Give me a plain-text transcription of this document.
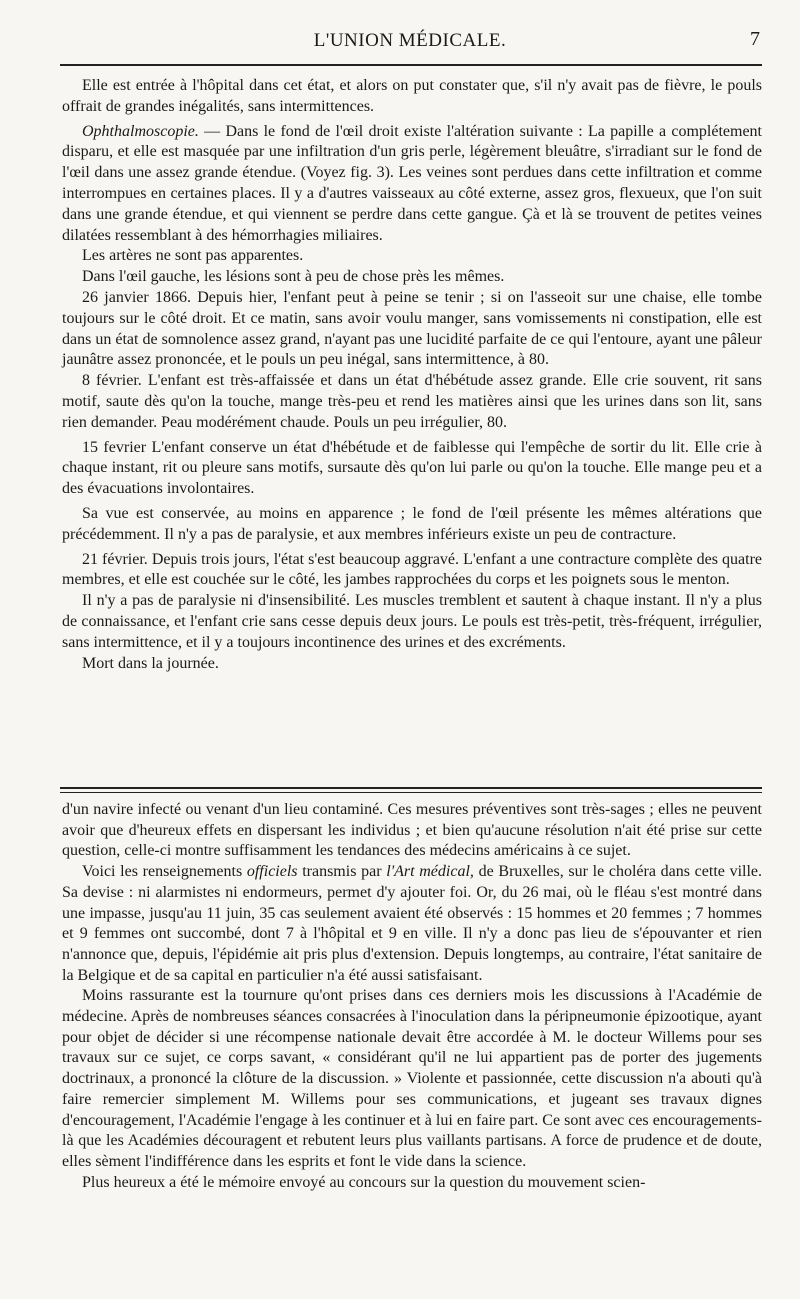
L'UNION MÉDICALE.	7

Elle est entrée à l'hôpital dans cet état, et alors on put constater que, s'il n'y avait pas de fièvre, le pouls offrait de grandes inégalités, sans intermittences.

Ophthalmoscopie. — Dans le fond de l'œil droit existe l'altération suivante : La papille a complétement disparu, et elle est masquée par une infiltration d'un gris perle, légèrement bleuâtre, s'irradiant sur le fond de l'œil dans une assez grande étendue. (Voyez fig. 3). Les veines sont perdues dans cette infiltration et comme interrompues en certaines places. Il y a d'autres vaisseaux au côté externe, assez gros, flexueux, que l'on suit dans une grande étendue, et qui viennent se perdre dans cette gangue. Çà et là se trouvent de petites veines dilatées ressemblant à des hémorrhagies miliaires.

Les artères ne sont pas apparentes.

Dans l'œil gauche, les lésions sont à peu de chose près les mêmes.

26 janvier 1866. Depuis hier, l'enfant peut à peine se tenir ; si on l'asseoit sur une chaise, elle tombe toujours sur le côté droit. Et ce matin, sans avoir voulu manger, sans vomissements ni constipation, elle est dans un état de somnolence assez grand, n'ayant pas une lucidité parfaite de ce qui l'entoure, ayant une pâleur jaunâtre assez prononcée, et le pouls un peu inégal, sans intermittence, à 80.

8 février. L'enfant est très-affaissée et dans un état d'hébétude assez grande. Elle crie souvent, rit sans motif, saute dès qu'on la touche, mange très-peu et rend les matières ainsi que les urines dans son lit, sans rien demander. Peau modérément chaude. Pouls un peu irrégulier, 80.

15 fevrier L'enfant conserve un état d'hébétude et de faiblesse qui l'empêche de sortir du lit. Elle crie à chaque instant, rit ou pleure sans motifs, sursaute dès qu'on lui parle ou qu'on la touche. Elle mange peu et a des évacuations involontaires.

Sa vue est conservée, au moins en apparence ; le fond de l'œil présente les mêmes altérations que précédemment. Il n'y a pas de paralysie, et aux membres inférieurs existe un peu de contracture.

21 février. Depuis trois jours, l'état s'est beaucoup aggravé. L'enfant a une contracture complète des quatre membres, et elle est couchée sur le côté, les jambes rapprochées du corps et les poignets sous le menton.

Il n'y a pas de paralysie ni d'insensibilité. Les muscles tremblent et sautent à chaque instant. Il n'y a plus de connaissance, et l'enfant crie sans cesse depuis deux jours. Le pouls est très-petit, très-fréquent, irrégulier, sans intermittence, et il y a toujours incontinence des urines et des excréments.

Mort dans la journée.

d'un navire infecté ou venant d'un lieu contaminé. Ces mesures préventives sont très-sages ; elles ne peuvent avoir que d'heureux effets en dispersant les individus ; et bien qu'aucune résolution n'ait été prise sur cette question, celle-ci montre suffisamment les tendances des médecins américains à ce sujet.

Voici les renseignements officiels transmis par l'Art médical, de Bruxelles, sur le choléra dans cette ville. Sa devise : ni alarmistes ni endormeurs, permet d'y ajouter foi. Or, du 26 mai, où le fléau s'est montré dans une impasse, jusqu'au 11 juin, 35 cas seulement avaient été observés : 15 hommes et 20 femmes ; 7 hommes et 9 femmes ont succombé, dont 7 à l'hôpital et 9 en ville. Il n'y a donc pas lieu de s'épouvanter et rien n'annonce que, depuis, l'épidémie ait pris plus d'extension. Depuis longtemps, au contraire, l'état sanitaire de la Belgique et de sa capital en particulier n'a été aussi satisfaisant.

Moins rassurante est la tournure qu'ont prises dans ces derniers mois les discussions à l'Académie de médecine. Après de nombreuses séances consacrées à l'inoculation dans la péripneumonie épizootique, ayant pour objet de décider si une récompense nationale devait être accordée à M. le docteur Willems pour ses travaux sur ce sujet, ce corps savant, « considérant qu'il ne lui appartient pas de porter des jugements doctrinaux, a prononcé la clôture de la discussion. » Violente et passionnée, cette discussion n'a abouti qu'à faire remercier simplement M. Willems pour ses communications, et jugeant ses travaux dignes d'encouragement, l'Académie l'engage à les continuer et à lui en faire part. Ce sont avec ces encouragements-là que les Académies découragent et rebutent leurs plus vaillants partisans. A force de prudence et de doute, elles sèment l'indifférence dans les esprits et font le vide dans la science.

Plus heureux a été le mémoire envoyé au concours sur la question du mouvement scien-
